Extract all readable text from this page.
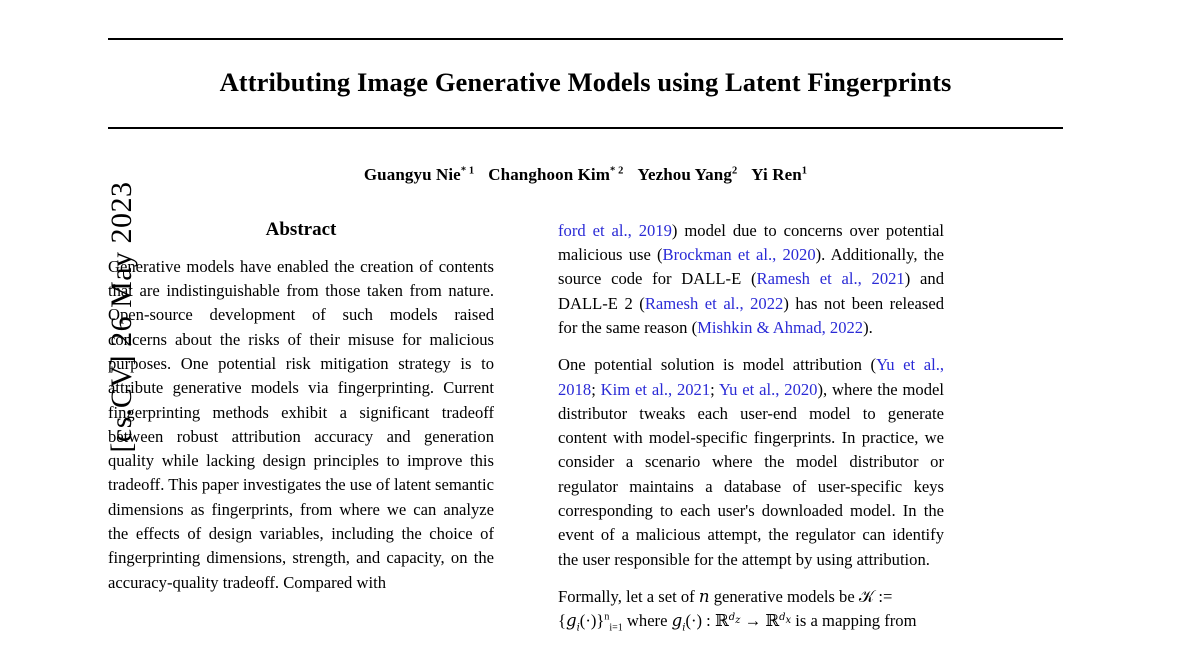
[cs.CV] 26 May 2023
Attributing Image Generative Models using Latent Fingerprints
Guangyu Nie$^{* 1}$ Changhoon Kim$^{* 2}$ Yezhou Yang$^2$ Yi Ren$^1$
Abstract

Generative models have enabled the creation of contents that are indistinguishable from those taken from nature. Open-source development of such models raised concerns about the risks of their misuse for malicious purposes. One potential risk mitigation strategy is to attribute generative models via fingerprinting. Current fingerprinting methods exhibit a significant tradeoff between robust attribution accuracy and generation quality while lacking design principles to improve this tradeoff. This paper investigates the use of latent semantic dimensions as fingerprints, from where we can analyze the effects of design variables, including the choice of fingerprinting dimensions, strength, and capacity, on the accuracy-quality tradeoff. Compared with

ford et al., 2019) model due to concerns over potential malicious use (Brockman et al., 2020). Additionally, the source code for DALL-E (Ramesh et al., 2021) and DALL-E 2 (Ramesh et al., 2022) has not been released for the same reason (Mishkin & Ahmad, 2022).

One potential solution is model attribution (Yu et al., 2018; Kim et al., 2021; Yu et al., 2020), where the model distributor tweaks each user-end model to generate content with model-specific fingerprints. In practice, we consider a scenario where the model distributor or regulator maintains a database of user-specific keys corresponding to each user's downloaded model. In the event of a malicious attempt, the regulator can identify the user responsible for the attempt by using attribution.

Formally, let a set of n generative models be 𝒦 :=
$\{g_i(\cdot)\}^n_{i=1}$ where $g_i(\cdot)$ : ℝ$^{d_z}$ → ℝ$^{d_x}$ is a mapping from
